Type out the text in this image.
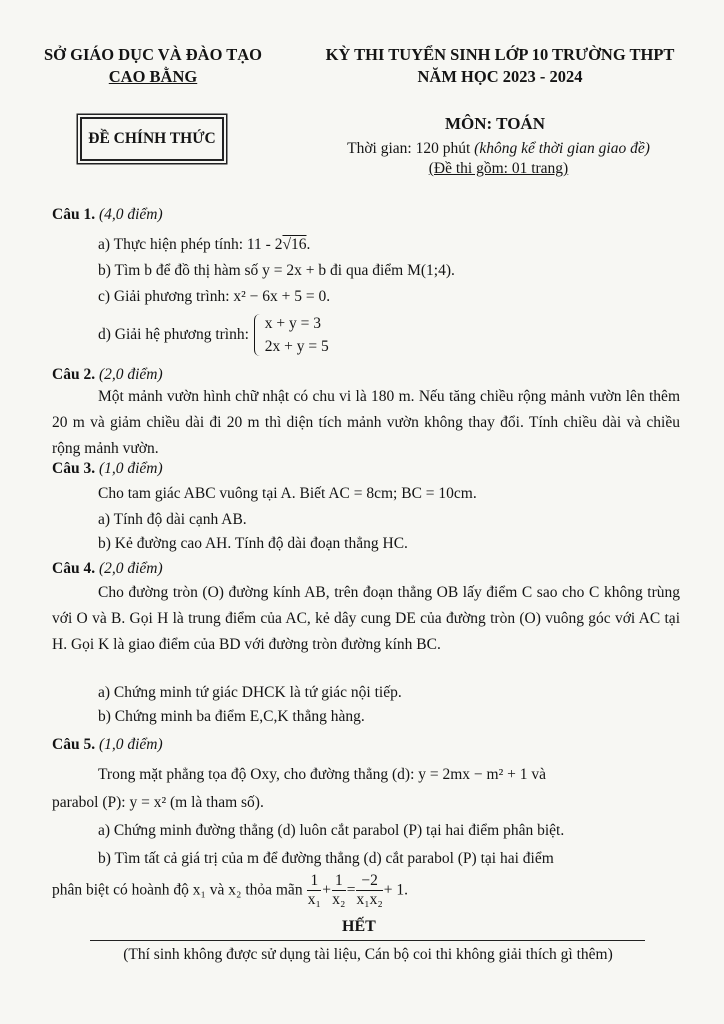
SỞ GIÁO DỤC VÀ ĐÀO TẠO
CAO BẰNG
KỲ THI TUYỂN SINH LỚP 10 TRƯỜNG THPT
NĂM HỌC 2023 - 2024
ĐỀ CHÍNH THỨC
MÔN: TOÁN
Thời gian: 120 phút (không kể thời gian giao đề)
(Đề thi gồm: 01 trang)
Câu 1. (4,0 điểm)
a) Thực hiện phép tính: 11 - 2√16.
b) Tìm b để đồ thị hàm số y = 2x + b đi qua điểm M(1;4).
c) Giải phương trình: x² − 6x + 5 = 0.
d) Giải hệ phương trình:
x + y = 3
2x + y = 5
Câu 2. (2,0 điểm)
Một mảnh vườn hình chữ nhật có chu vi là 180 m. Nếu tăng chiều rộng mảnh vườn lên thêm 20 m và giảm chiều dài đi 20 m thì diện tích mảnh vườn không thay đổi. Tính chiều dài và chiều rộng mảnh vườn.
Câu 3. (1,0 điểm)
Cho tam giác ABC vuông tại A. Biết AC = 8cm; BC = 10cm.
a) Tính độ dài cạnh AB.
b) Kẻ đường cao AH. Tính độ dài đoạn thẳng HC.
Câu 4. (2,0 điểm)
Cho đường tròn (O) đường kính AB, trên đoạn thẳng OB lấy điểm C sao cho C không trùng với O và B. Gọi H là trung điểm của AC, kẻ dây cung DE của đường tròn (O) vuông góc với AC tại H. Gọi K là giao điểm của BD với đường tròn đường kính BC.
a) Chứng minh tứ giác DHCK là tứ giác nội tiếp.
b) Chứng minh ba điểm E,C,K thẳng hàng.
Câu 5. (1,0 điểm)
Trong mặt phẳng tọa độ Oxy, cho đường thẳng (d): y = 2mx − m² + 1 và
parabol (P): y = x² (m là tham số).
a) Chứng minh đường thẳng (d) luôn cắt parabol (P) tại hai điểm phân biệt.
b) Tìm tất cả giá trị của m để đường thẳng (d) cắt parabol (P) tại hai điểm
phân biệt có hoành độ x₁ và x₂ thỏa mãn $\frac{1}{\text{x₁}} + \frac{1}{\text{x₂}} = \frac{-2}{\text{x₁x₂}} + 1$.
HẾT
(Thí sinh không được sử dụng tài liệu, Cán bộ coi thi không giải thích gì thêm)
